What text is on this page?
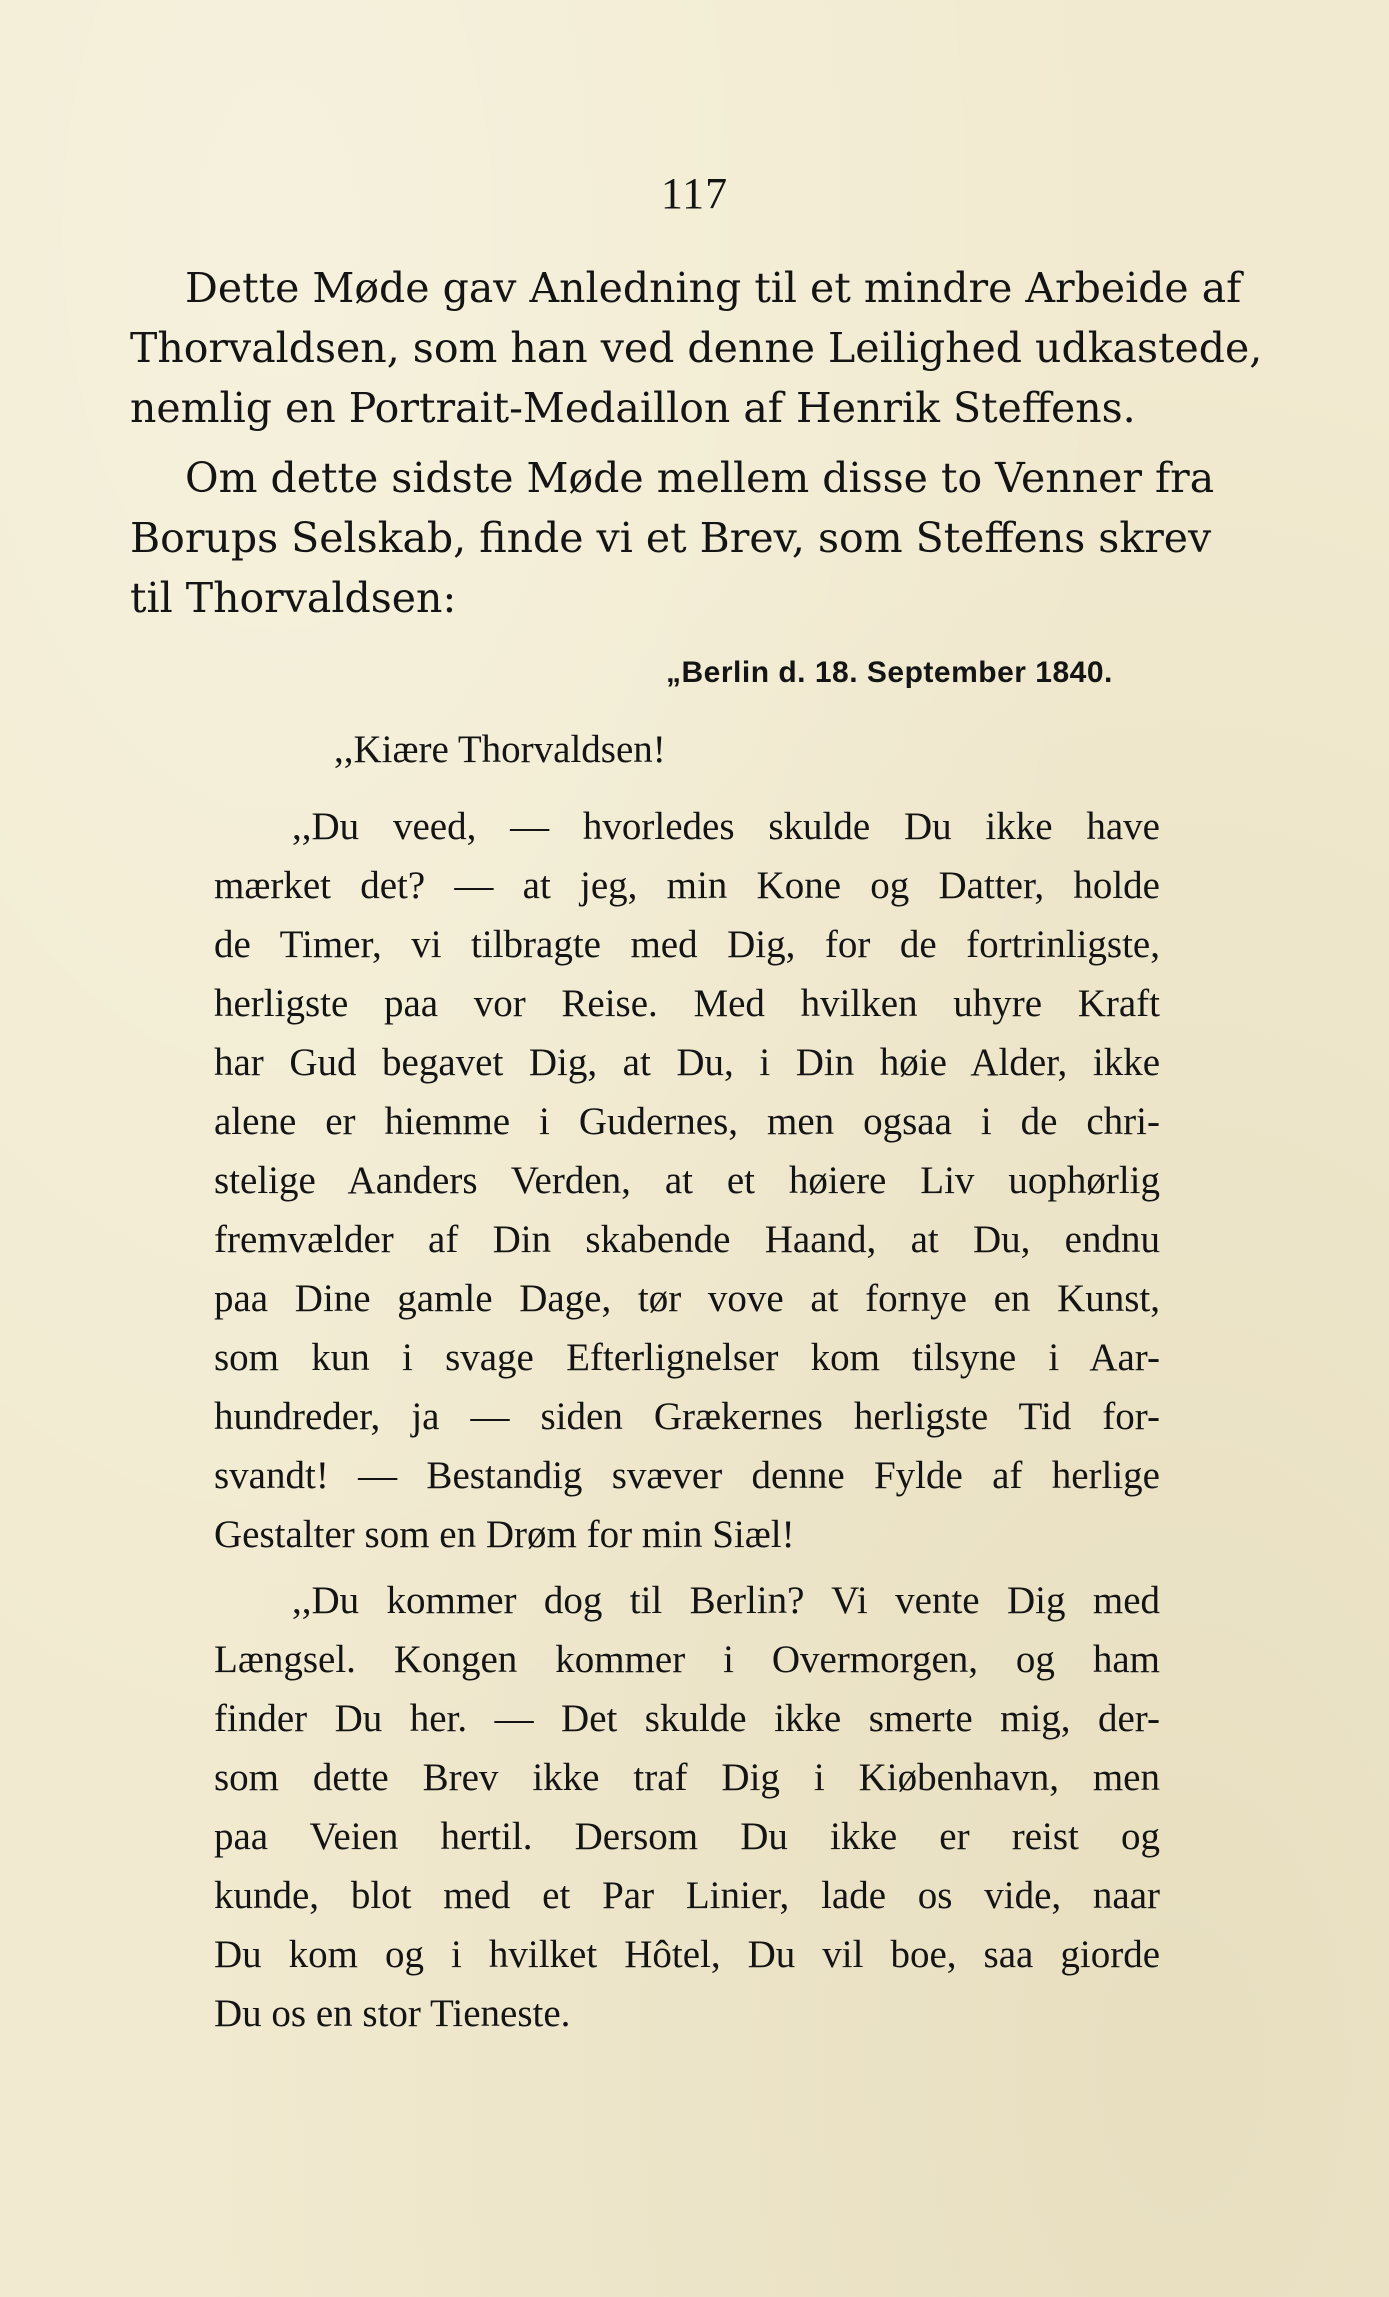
117
Dette Møde gav Anledning til et mindre Arbeide af
Thorvaldsen, som han ved denne Leilighed udkastede,
nemlig en Portrait-Medaillon af Henrik Steffens.
Om dette sidste Møde mellem disse to Venner fra
Borups Selskab, finde vi et Brev, som Steffens skrev
til Thorvaldsen:
„Berlin d. 18. September 1840.
,,Kiære Thorvaldsen!
,,Du veed, — hvorledes skulde Du ikke have
mærket det? — at jeg, min Kone og Datter, holde
de Timer, vi tilbragte med Dig, for de fortrinligste,
herligste paa vor Reise. Med hvilken uhyre Kraft
har Gud begavet Dig, at Du, i Din høie Alder, ikke
alene er hiemme i Gudernes, men ogsaa i de chri-
stelige Aanders Verden, at et høiere Liv uophørlig
fremvælder af Din skabende Haand, at Du, endnu
paa Dine gamle Dage, tør vove at fornye en Kunst,
som kun i svage Efterlignelser kom tilsyne i Aar-
hundreder, ja — siden Grækernes herligste Tid for-
svandt! — Bestandig svæver denne Fylde af herlige
Gestalter som en Drøm for min Siæl!
,,Du kommer dog til Berlin? Vi vente Dig med
Længsel. Kongen kommer i Overmorgen, og ham
finder Du her. — Det skulde ikke smerte mig, der-
som dette Brev ikke traf Dig i Kiøbenhavn, men
paa Veien hertil. Dersom Du ikke er reist og
kunde, blot med et Par Linier, lade os vide, naar
Du kom og i hvilket Hôtel, Du vil boe, saa giorde
Du os en stor Tieneste.
